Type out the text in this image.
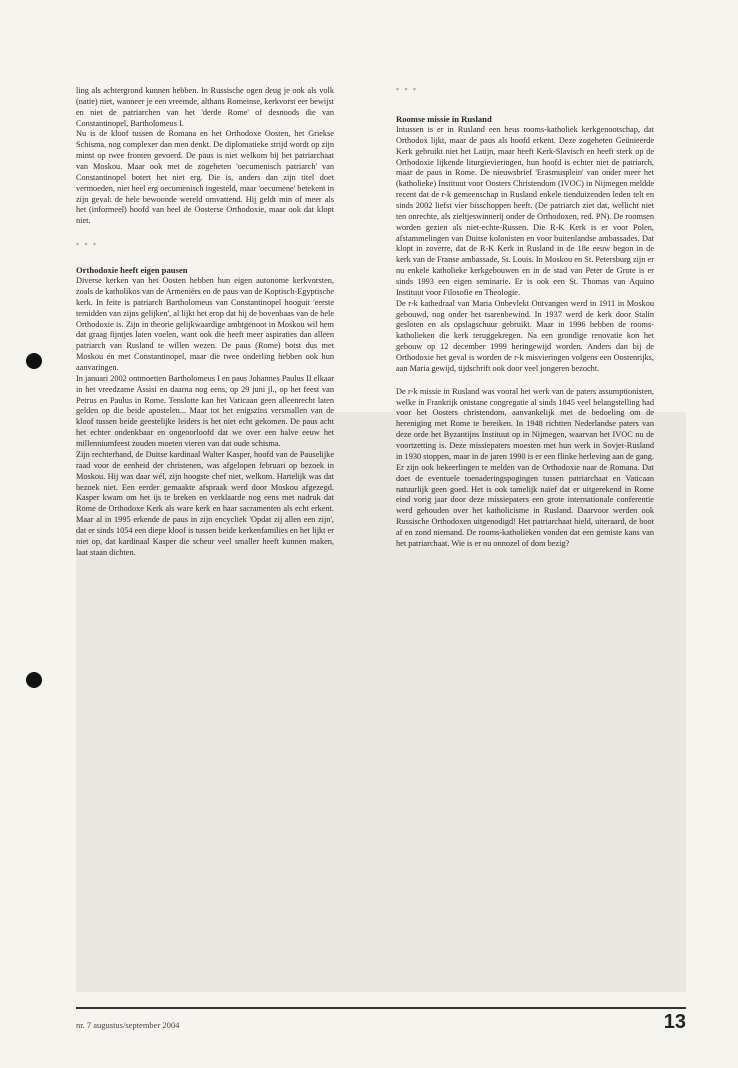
ling als achtergrond kunnen hebben. In Russische ogen deug je ook als volk (natie) niet, wanneer je een vreemde, althans Romeinse, kerkvorst eer bewijst en niet de patriarchen van het 'derde Rome' of desnoods die van Constantinopel, Bartholomeus I.

Nu is de kloof tussen de Romana en het Orthodoxe Oosten, het Griekse Schisma, nog complexer dan men denkt. De diplomatieke strijd wordt op zijn minst op twee fronten gevoerd. De paus is niet welkom bij het patriarchaat van Moskou. Maar ook met de zogeheten 'oecumenisch patriarch' van Constantinopel botert het niet erg. Die is, anders dan zijn titel doet vermoeden, niet heel erg oecumenisch ingesteld, maar 'oecumene' betekent in zijn geval: de hele bewoonde wereld omvattend. Hij geldt min of meer als het (informeel) hoofd van heel de Oosterse Orthodoxie, maar ook dat klopt niet.

* * *

Orthodoxie heeft eigen pausen

Diverse kerken van het Oosten hebben hun eigen autonome kerkvorsten, zoals de katholikos van de Armeniërs en de paus van de Koptisch-Egyptische kerk. In feite is patriarch Bartholomeus van Constantinopel hooguit 'eerste temidden van zijns gelijken', al lijkt het erop dat hij de bovenbaas van de hele Orthodoxie is. Zijn in theorie gelijkwaardige ambtgenoot in Moskou wil hem dat graag fijntjes laten voelen, want ook die heeft meer aspiraties dan alleen patriarch van Rusland te willen wezen. De paus (Rome) botst dus met Moskou én met Constantinopel, maar die twee onderling hebben ook hun aanvaringen.

In januari 2002 ontmoetten Bartholomeus I en paus Johannes Paulus II elkaar in het vreedzame Assisi en daarna nog eens, op 29 juni jl., op het feest van Petrus en Paulus in Rome. Tenslotte kan het Vaticaan geen alleenrecht laten gelden op die beide apostelen... Maar tot het enigszins versmallen van de kloof tussen beide geestelijke leiders is het niet echt gekomen. De paus acht het echter ondenkbaar en ongeoorloofd dat we over een halve eeuw het millenniumfeest zouden moeten vieren van dat oude schisma.

Zijn rechterhand, de Duitse kardinaal Walter Kasper, hoofd van de Pauselijke raad voor de eenheid der christenen, was afgelopen februari op bezoek in Moskou. Hij was daar wél, zijn hoogste chef niet, welkom. Hartelijk was dat bezoek niet. Een eerder gemaakte afspraak werd door Moskou afgezegd. Kasper kwam om het ijs te breken en verklaarde nog eens met nadruk dat Rome de Orthodoxe Kerk als ware kerk en haar sacramenten als echt erkent. Maar al in 1995 erkende de paus in zijn encycliek 'Opdat zij allen een zijn', dat er sinds 1054 een diepe kloof is tussen beide kerkenfamilies en het lijkt er niet op, dat kardinaal Kasper die scheur veel smaller heeft kunnen maken, laat staan dichten.

* * *

Roomse missie in Rusland

Intussen is er in Rusland een heus rooms-katholiek kerkgenootschap, dat Orthodox lijkt, maar de paus als hoofd erkent. Deze zogeheten Geünieerde Kerk gebruikt niet het Latijn, maar heeft Kerk-Slavisch en heeft sterk op de Orthodoxie lijkende liturgievieringen, hun hoofd is echter niet de patriarch, maar de paus in Rome. De nieuwsbrief 'Erasmusplein' van onder meer het (katholieke) Instituut voor Oosters Christendom (IVOC) in Nijmegen meldde recent dat de r-k gemeenschap in Rusland enkele tienduizenden leden telt en sinds 2002 liefst vier bisschoppen heeft. (De patriarch ziet dat, wellicht niet ten onrechte, als zieltjeswinnerij onder de Orthodoxen, red. PN). De roomsen worden gezien als niet-echte-Russen. Die R-K Kerk is er voor Polen, afstammelingen van Duitse kolonisten en voor buitenlandse ambassades. Dat klopt in zoverre, dat de R-K Kerk in Rusland in de 18e eeuw begon in de kerk van de Franse ambassade, St. Louis. In Moskou en St. Petersburg zijn er nu enkele katholieke kerkgebouwen en in de stad van Peter de Grote is er sinds 1993 een eigen seminarie. Er is ook een St. Thomas van Aquino Instituut voor Filosofie en Theologie.

De r-k kathedraal van Maria Onbevlekt Ontvangen werd in 1911 in Moskou gebouwd, nog onder het tsarenbewind. In 1937 werd de kerk door Stalin gesloten en als opslagschuur gebruikt. Maar in 1996 hebben de rooms-katholieken die kerk teruggekregen. Na een grondige renovatie kon het gebouw op 12 december 1999 heringewijd worden. Anders dan bij de Orthodoxie het geval is worden de r-k misvieringen volgens een Oostenrijks, aan Maria gewijd, tijdschrift ook door veel jongeren bezocht.

De r-k missie in Rusland was vooral het werk van de paters assumptionisten, welke in Frankrijk ontstane congregatie al sinds 1845 veel belangstelling had voor het Oosters christendom, aanvankelijk met de bedoeling om de hereniging met Rome te bereiken. In 1948 richtten Nederlandse paters van deze orde het Byzantijns Instituut op in Nijmegen, waarvan het IVOC nu de voortzetting is. Deze missiepaters moesten met hun werk in Sovjet-Rusland in 1930 stoppen, maar in de jaren 1990 is er een flinke herleving aan de gang. Er zijn ook bekeerlingen te melden van de Orthodoxie naar de Romana. Dat doet de eventuele toenaderingspogingen tussen patriarchaat en Vaticaan natuurlijk geen goed. Het is ook tamelijk naïef dat er uitgerekend in Rome eind vorig jaar door deze missiepaters een grote internationale conferentie werd gehouden over het katholicisme in Rusland. Daarvoor werden ook Russische Orthodoxen uitgenodigd! Het patriarchaat hield, uiteraard, de boot af en zond niemand. De rooms-katholieken vonden dat een gemiste kans van het patriarchaat. Wie is er nu onnozel of dom bezig?

nr. 7 augustus/september 2004	13
